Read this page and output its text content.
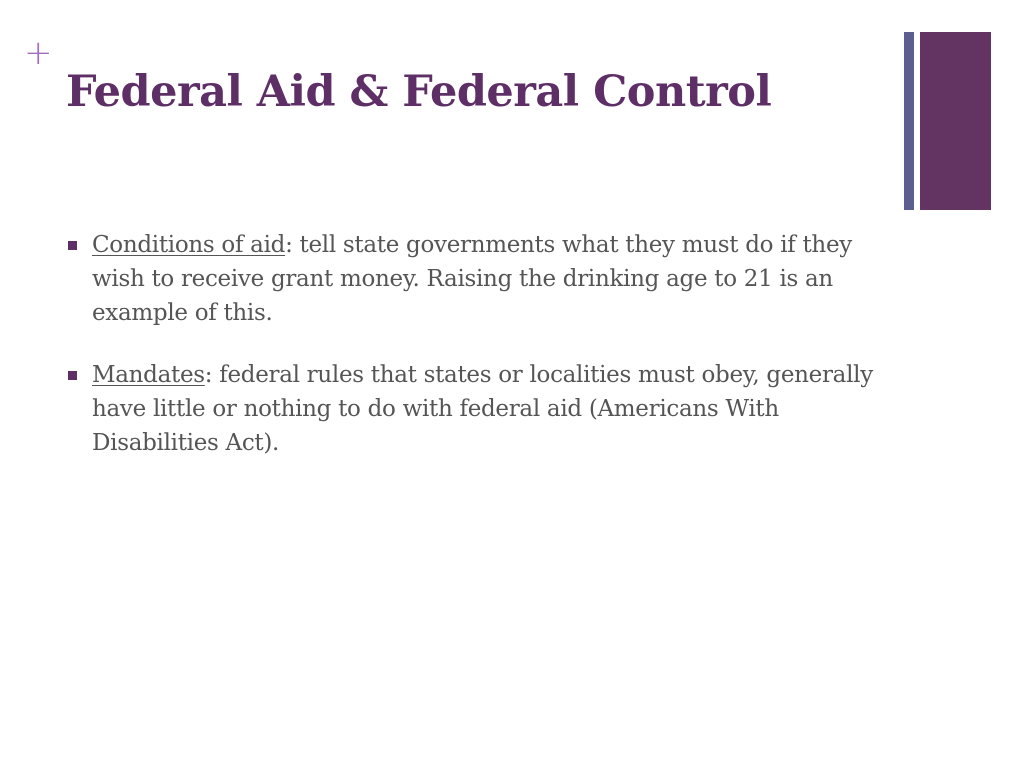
+
Federal Aid & Federal Control
Conditions of aid: tell state governments what they must do if they wish to receive grant money. Raising the drinking age to 21 is an example of this.
Mandates: federal rules that states or localities must obey, generally have little or nothing to do with federal aid (Americans With Disabilities Act).
